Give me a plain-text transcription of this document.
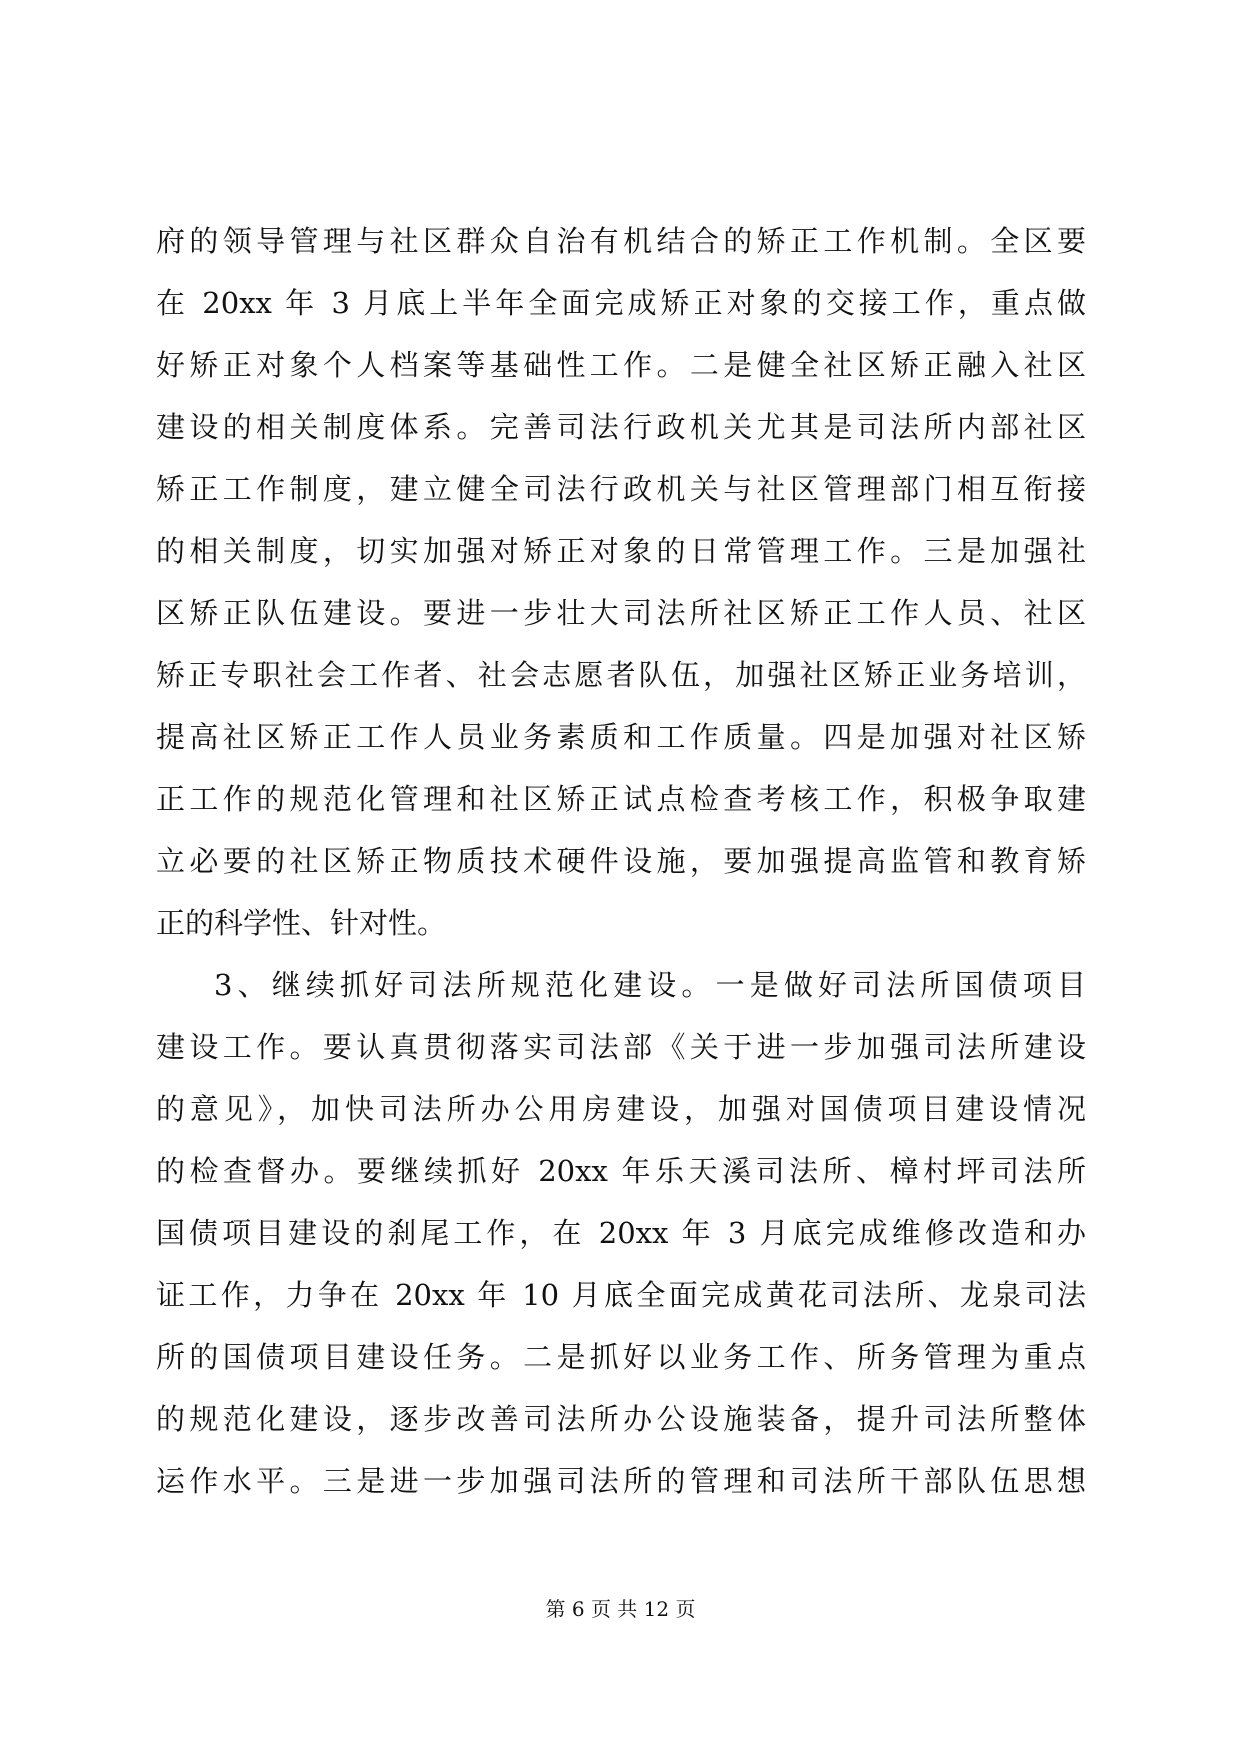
府的领导管理与社区群众自治有机结合的矫正工作机制。全区要
在 20xx 年 3 月底上半年全面完成矫正对象的交接工作，重点做
好矫正对象个人档案等基础性工作。二是健全社区矫正融入社区
建设的相关制度体系。完善司法行政机关尤其是司法所内部社区
矫正工作制度，建立健全司法行政机关与社区管理部门相互衔接
的相关制度，切实加强对矫正对象的日常管理工作。三是加强社
区矫正队伍建设。要进一步壮大司法所社区矫正工作人员、社区
矫正专职社会工作者、社会志愿者队伍，加强社区矫正业务培训，
提高社区矫正工作人员业务素质和工作质量。四是加强对社区矫
正工作的规范化管理和社区矫正试点检查考核工作，积极争取建
立必要的社区矫正物质技术硬件设施，要加强提高监管和教育矫
正的科学性、针对性。
3、继续抓好司法所规范化建设。一是做好司法所国债项目
建设工作。要认真贯彻落实司法部《关于进一步加强司法所建设
的意见》，加快司法所办公用房建设，加强对国债项目建设情况
的检查督办。要继续抓好 20xx 年乐天溪司法所、樟村坪司法所
国债项目建设的刹尾工作，在 20xx 年 3 月底完成维修改造和办
证工作，力争在 20xx 年 10 月底全面完成黄花司法所、龙泉司法
所的国债项目建设任务。二是抓好以业务工作、所务管理为重点
的规范化建设，逐步改善司法所办公设施装备，提升司法所整体
运作水平。三是进一步加强司法所的管理和司法所干部队伍思想
第 6 页 共 12 页
